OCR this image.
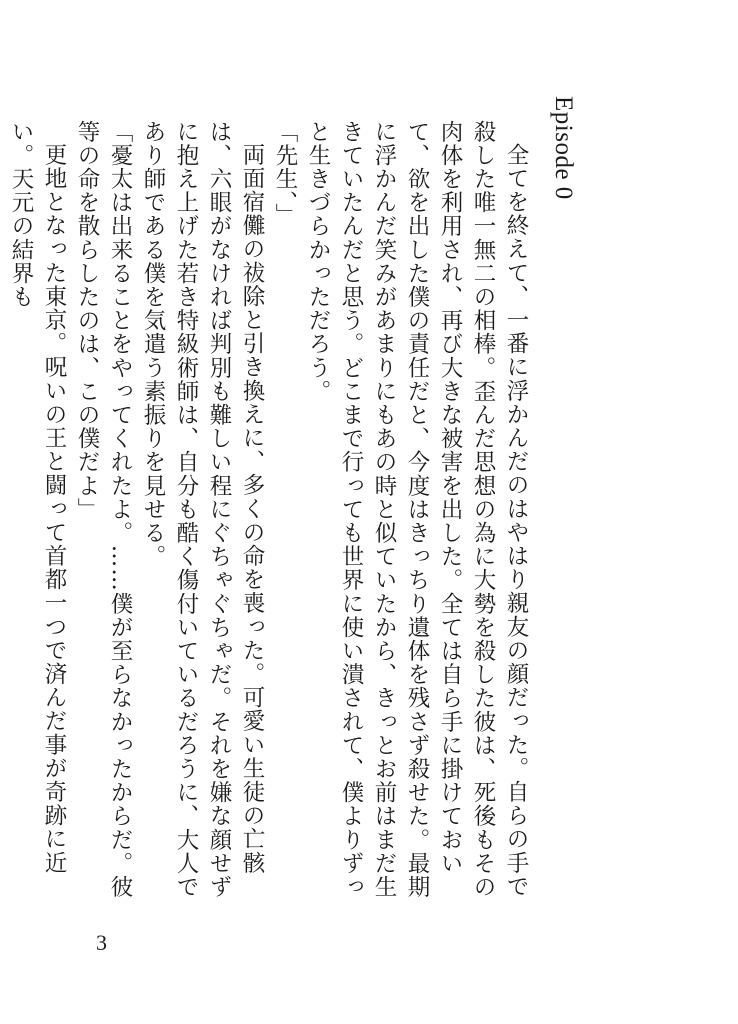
Episode 0

全てを終えて、一番に浮かんだのはやはり親友の顔だった。自らの手で殺した唯一無二の相棒。歪んだ思想の為に大勢を殺した彼は、死後もその肉体を利用され、再び大きな被害を出した。全ては自ら手に掛けておいて、欲を出した僕の責任だと、今度はきっちり遺体を残さず殺せた。最期に浮かんだ笑みがあまりにもあの時と似ていたから、きっとお前はまだ生きていたんだと思う。どこまで行っても世界に使い潰されて、僕よりずっと生きづらかっただろう。

「先生、」

両面宿儺の祓除と引き換えに、多くの命を喪った。可愛い生徒の亡骸は、六眼がなければ判別も難しい程にぐちゃぐちゃだ。それを嫌な顔せずに抱え上げた若き特級術師は、自分も酷く傷付いているだろうに、大人であり師である僕を気遣う素振りを見せる。

「憂太は出来ることをやってくれたよ。……僕が至らなかったからだ。彼等の命を散らしたのは、この僕だよ」

更地となった東京。呪いの王と闘って首都一つで済んだ事が奇跡に近い。天元の結界も

3
